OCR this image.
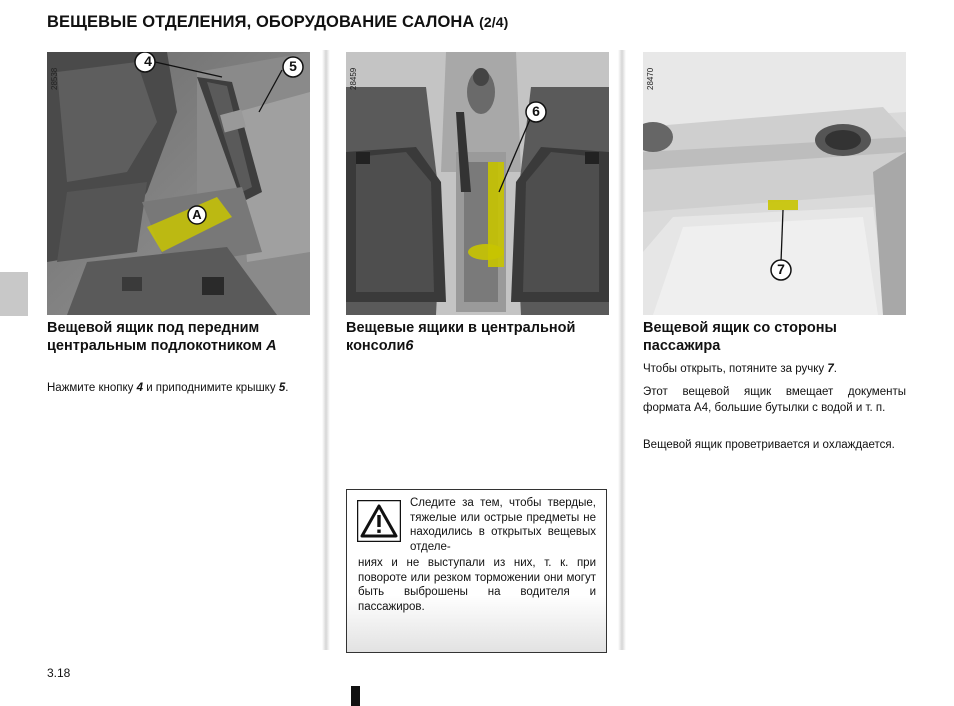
ВЕЩЕВЫЕ ОТДЕЛЕНИЯ, ОБОРУДОВАНИЕ САЛОНА (2/4)
4	5
A
28538
6
28459
7
28470
Вещевой ящик под передним центральным подлокотником A
Нажмите кнопку 4 и приподнимите крышку 5.
Вещевые ящики в центральной консоли6
Следите за тем, чтобы твердые, тяжелые или острые предметы не находились в открытых вещевых отделе-
ниях и не выступали из них, т. к. при повороте или резком торможении они могут быть выброшены на водителя и пассажиров.
Вещевой ящик со стороны пассажира
Чтобы открыть, потяните за ручку 7.
Этот вещевой ящик вмещает документы формата А4, большие бутылки с водой и т. п.
Вещевой ящик проветривается и охлаждается.
3.18
